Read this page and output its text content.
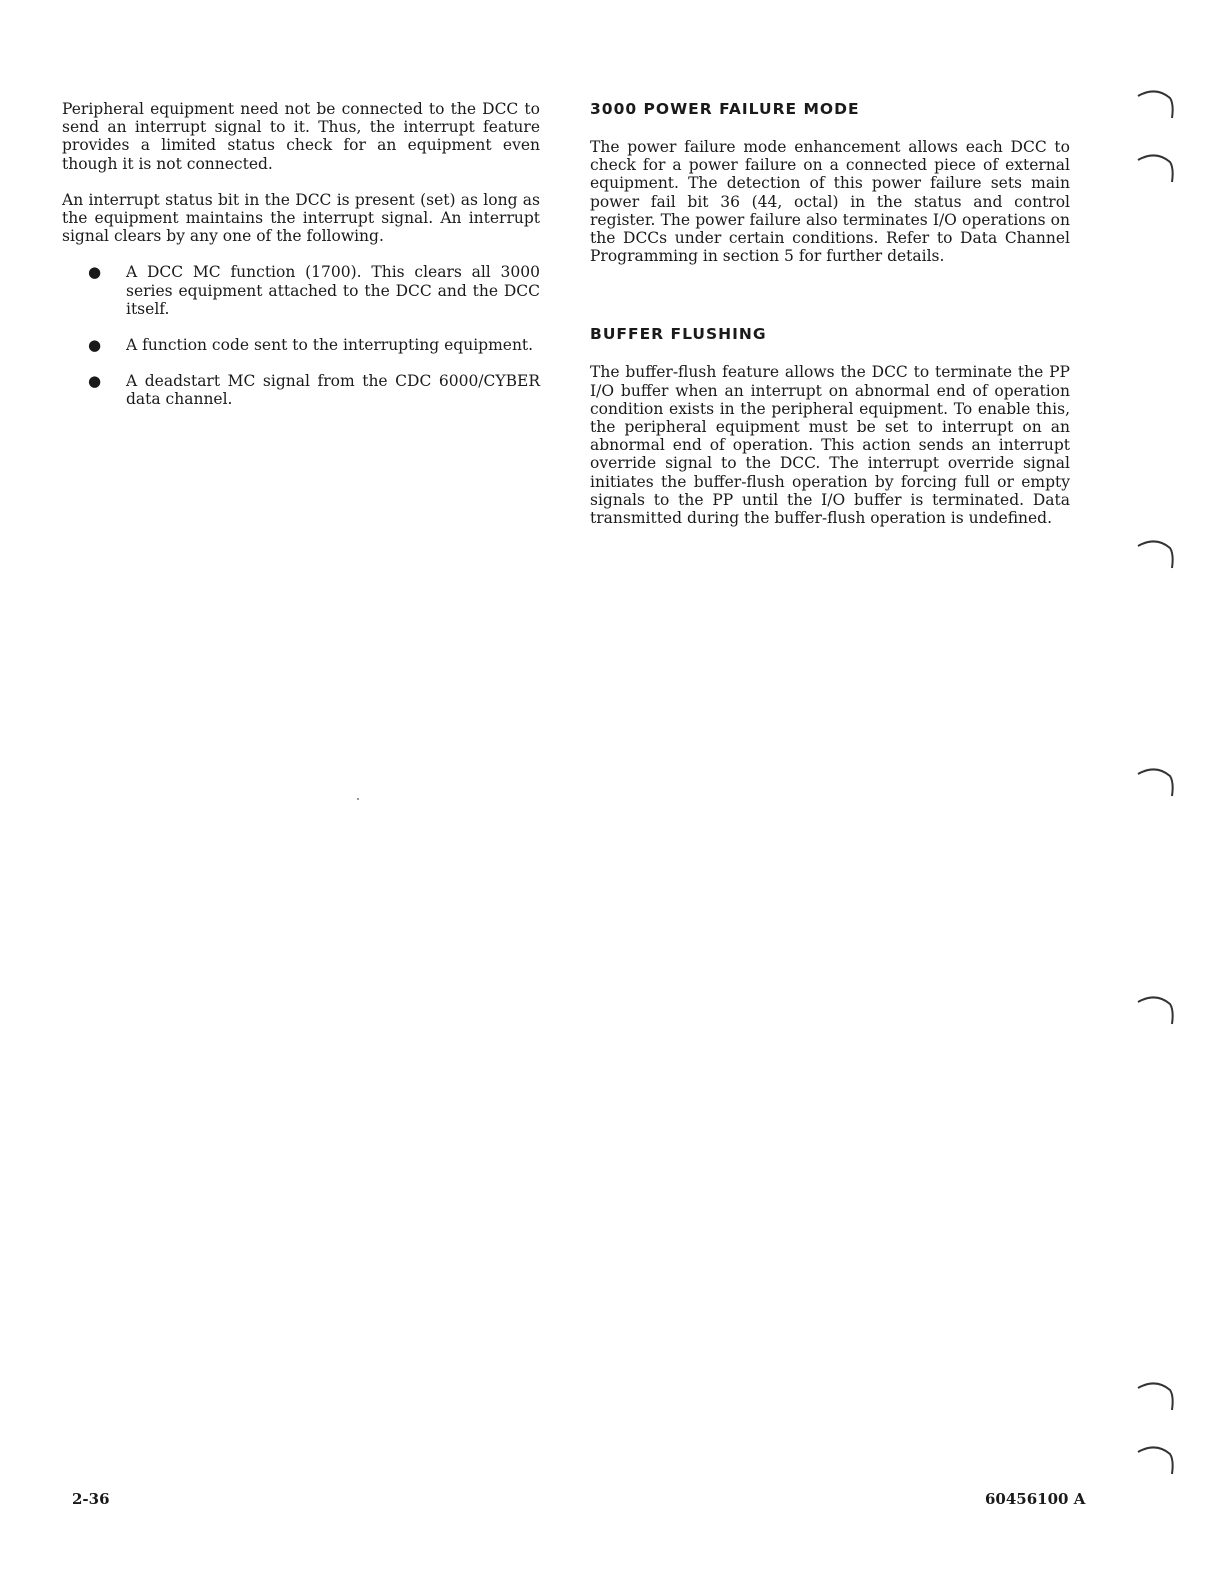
Peripheral equipment need not be connected to the DCC to send an interrupt signal to it. Thus, the interrupt feature provides a limited status check for an equipment even though it is not connected.

An interrupt status bit in the DCC is present (set) as long as the equipment maintains the interrupt signal. An interrupt signal clears by any one of the following.

● A DCC MC function (1700). This clears all 3000 series equipment attached to the DCC and the DCC itself.
● A function code sent to the interrupting equipment.
● A deadstart MC signal from the CDC 6000/CYBER data channel.
3000 POWER FAILURE MODE

The power failure mode enhancement allows each DCC to check for a power failure on a connected piece of external equipment. The detection of this power failure sets main power fail bit 36 (44, octal) in the status and control register. The power failure also terminates I/O operations on the DCCs under certain conditions. Refer to Data Channel Programming in section 5 for further details.

BUFFER FLUSHING

The buffer-flush feature allows the DCC to terminate the PP I/O buffer when an interrupt on abnormal end of operation condition exists in the peripheral equipment. To enable this, the peripheral equipment must be set to interrupt on an abnormal end of operation. This action sends an interrupt override signal to the DCC. The interrupt override signal initiates the buffer-flush operation by forcing full or empty signals to the PP until the I/O buffer is terminated. Data transmitted during the buffer-flush operation is undefined.

2-36	60456100 A
